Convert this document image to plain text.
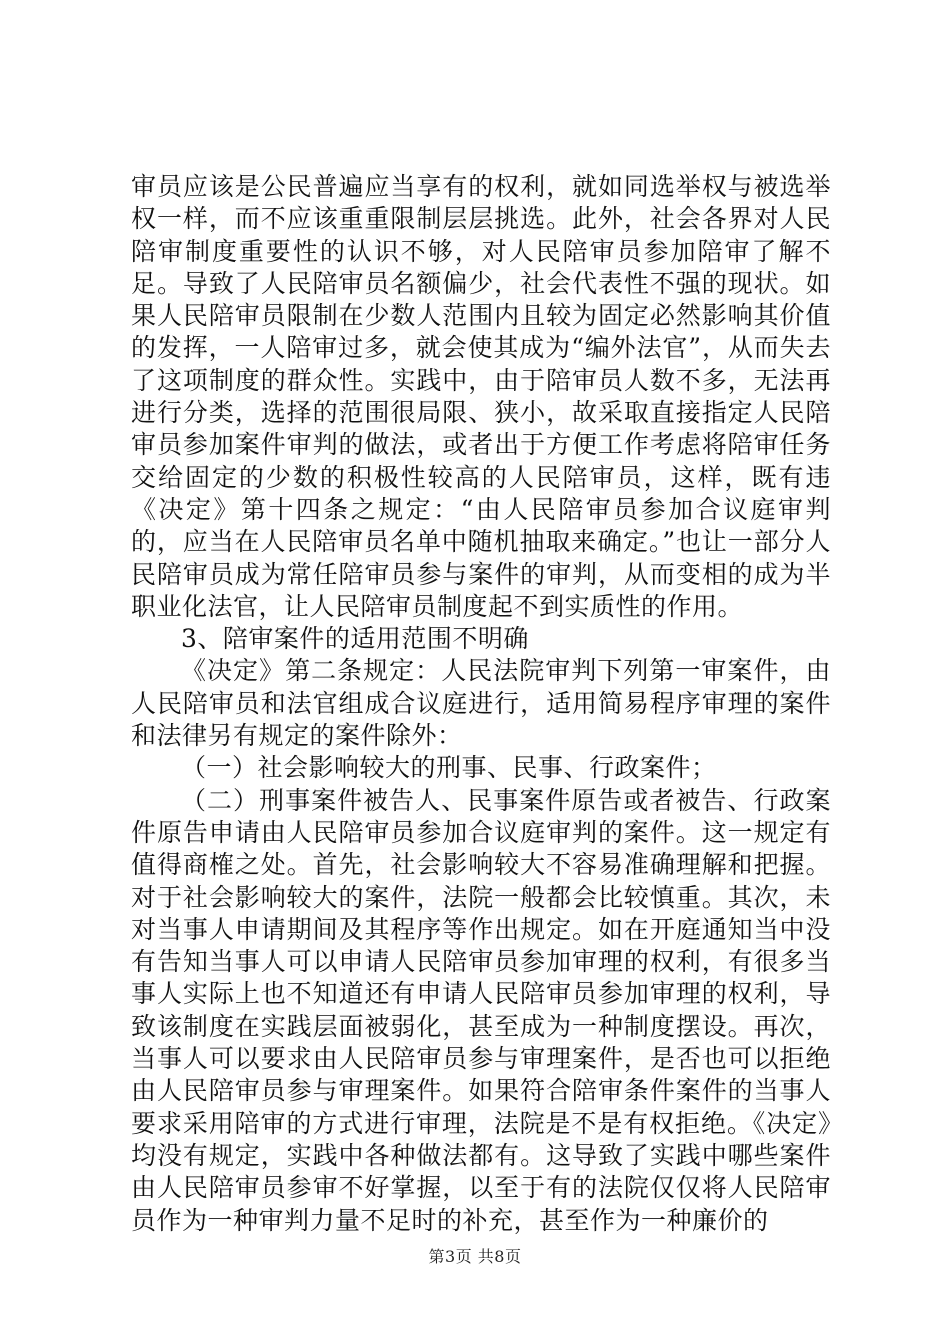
审员应该是公民普遍应当享有的权利，就如同选举权与被选举权一样，而不应该重重限制层层挑选。此外，社会各界对人民陪审制度重要性的认识不够，对人民陪审员参加陪审了解不足。导致了人民陪审员名额偏少，社会代表性不强的现状。如果人民陪审员限制在少数人范围内且较为固定必然影响其价值的发挥，一人陪审过多，就会使其成为“编外法官”，从而失去了这项制度的群众性。实践中，由于陪审员人数不多，无法再进行分类，选择的范围很局限、狭小，故采取直接指定人民陪审员参加案件审判的做法，或者出于方便工作考虑将陪审任务交给固定的少数的积极性较高的人民陪审员，这样，既有违《决定》第十四条之规定：“由人民陪审员参加合议庭审判的，应当在人民陪审员名单中随机抽取来确定。”也让一部分人民陪审员成为常任陪审员参与案件的审判，从而变相的成为半职业化法官，让人民陪审员制度起不到实质性的作用。

3、陪审案件的适用范围不明确

《决定》第二条规定：人民法院审判下列第一审案件，由人民陪审员和法官组成合议庭进行，适用简易程序审理的案件和法律另有规定的案件除外：

（一）社会影响较大的刑事、民事、行政案件；

（二）刑事案件被告人、民事案件原告或者被告、行政案件原告申请由人民陪审员参加合议庭审判的案件。这一规定有值得商榷之处。首先，社会影响较大不容易准确理解和把握。对于社会影响较大的案件，法院一般都会比较慎重。其次，未对当事人申请期间及其程序等作出规定。如在开庭通知当中没有告知当事人可以申请人民陪审员参加审理的权利，有很多当事人实际上也不知道还有申请人民陪审员参加审理的权利，导致该制度在实践层面被弱化，甚至成为一种制度摆设。再次，当事人可以要求由人民陪审员参与审理案件，是否也可以拒绝由人民陪审员参与审理案件。如果符合陪审条件案件的当事人要求采用陪审的方式进行审理，法院是不是有权拒绝。《决定》均没有规定，实践中各种做法都有。这导致了实践中哪些案件由人民陪审员参审不好掌握，以至于有的法院仅仅将人民陪审员作为一种审判力量不足时的补充，甚至作为一种廉价的

第3页 共8页
